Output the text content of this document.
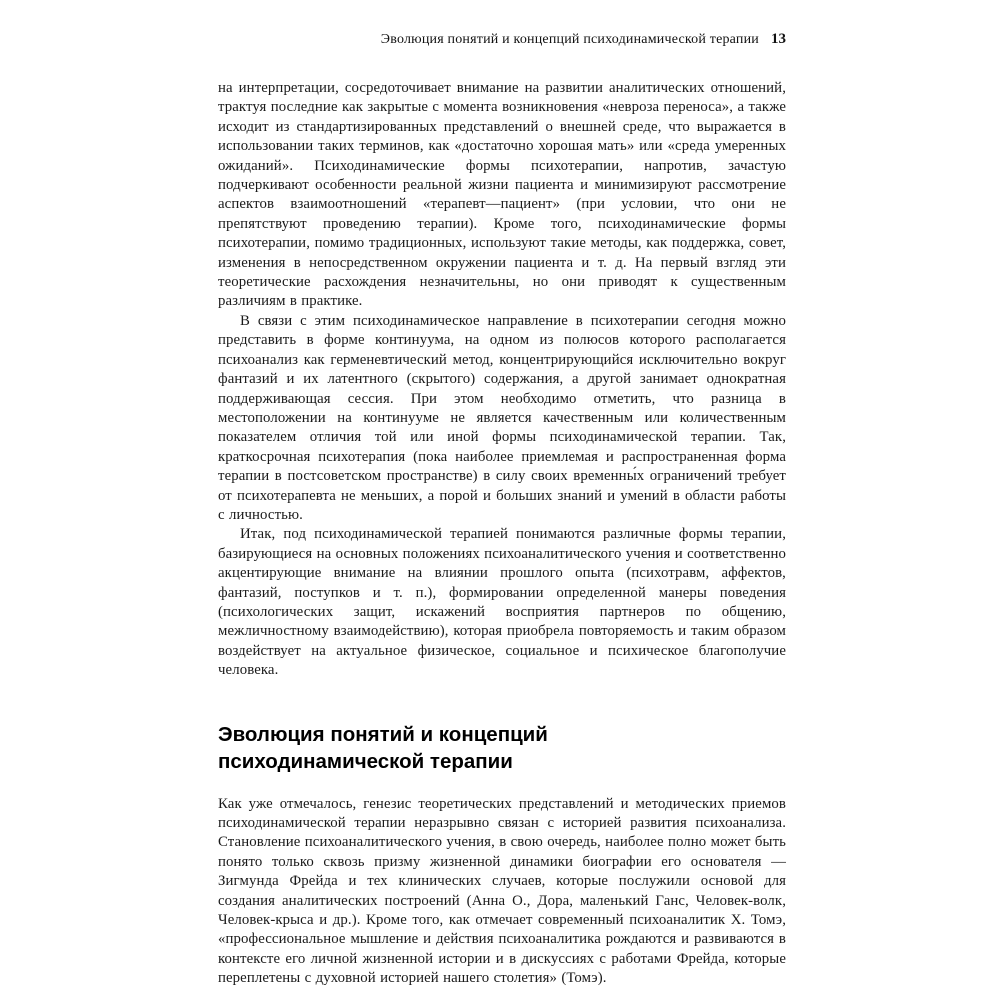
Эволюция понятий и концепций психодинамической терапии 13

на интерпретации, сосредоточивает внимание на развитии аналитических отношений, трактуя последние как закрытые с момента возникновения «невроза переноса», а также исходит из стандартизированных представлений о внешней среде, что выражается в использовании таких терминов, как «достаточно хорошая мать» или «среда умеренных ожиданий». Психодинамические формы психотерапии, напротив, зачастую подчеркивают особенности реальной жизни пациента и минимизируют рассмотрение аспектов взаимоотношений «терапевт—пациент» (при условии, что они не препятствуют проведению терапии). Кроме того, психодинамические формы психотерапии, помимо традиционных, используют такие методы, как поддержка, совет, изменения в непосредственном окружении пациента и т. д. На первый взгляд эти теоретические расхождения незначительны, но они приводят к существенным различиям в практике.

В связи с этим психодинамическое направление в психотерапии сегодня можно представить в форме континуума, на одном из полюсов которого располагается психоанализ как герменевтический метод, концентрирующийся исключительно вокруг фантазий и их латентного (скрытого) содержания, а другой занимает однократная поддерживающая сессия. При этом необходимо отметить, что разница в местоположении на континууме не является качественным или количественным показателем отличия той или иной формы психодинамической терапии. Так, краткосрочная психотерапия (пока наиболее приемлемая и распространенная форма терапии в постсоветском пространстве) в силу своих временны́х ограничений требует от психотерапевта не меньших, а порой и больших знаний и умений в области работы с личностью.

Итак, под психодинамической терапией понимаются различные формы терапии, базирующиеся на основных положениях психоаналитического учения и соответственно акцентирующие внимание на влиянии прошлого опыта (психотравм, аффектов, фантазий, поступков и т. п.), формировании определенной манеры поведения (психологических защит, искажений восприятия партнеров по общению, межличностному взаимодействию), которая приобрела повторяемость и таким образом воздействует на актуальное физическое, социальное и психическое благополучие человека.

Эволюция понятий и концепций
психодинамической терапии

Как уже отмечалось, генезис теоретических представлений и методических приемов психодинамической терапии неразрывно связан с историей развития психоанализа. Становление психоаналитического учения, в свою очередь, наиболее полно может быть понято только сквозь призму жизненной динамики биографии его основателя — Зигмунда Фрейда и тех клинических случаев, которые послужили основой для создания аналитических построений (Анна О., Дора, маленький Ганс, Человек-волк, Человек-крыса и др.). Кроме того, как отмечает современный психоаналитик Х. Томэ, «профессиональное мышление и действия психоаналитика рождаются и развиваются в контексте его личной жизненной истории и в дискуссиях с работами Фрейда, которые переплетены с духовной историей нашего столетия» (Томэ).
